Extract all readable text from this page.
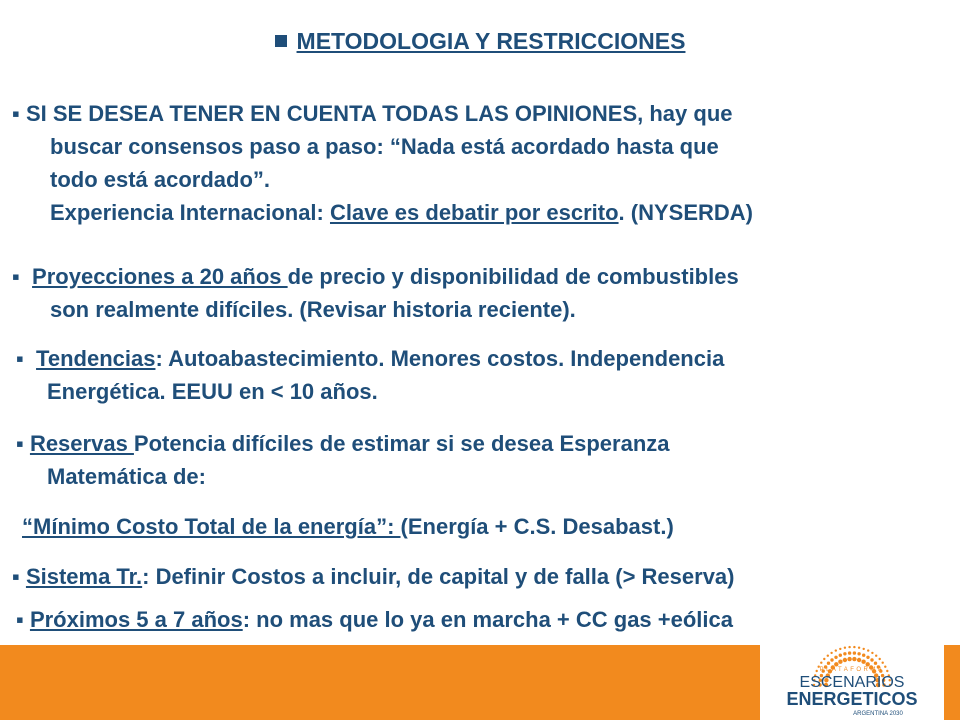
METODOLOGIA Y RESTRICCIONES
▪ SI SE DESEA TENER EN CUENTA TODAS LAS OPINIONES, hay que
buscar consensos paso a paso: “Nada está acordado hasta que
todo está acordado”.
Experiencia Internacional: Clave es debatir por escrito. (NYSERDA)
▪ Proyecciones a 20 años de precio y disponibilidad de combustibles
son realmente difíciles. (Revisar historia reciente).
▪ Tendencias: Autoabastecimiento. Menores costos. Independencia
Energética. EEUU en < 10 años.
▪ Reservas Potencia difíciles de estimar si se desea Esperanza
Matemática de:
“Mínimo Costo Total de la energía”: (Energía + C.S. Desabast.)
▪ Sistema Tr.: Definir Costos a incluir, de capital y de falla (> Reserva)
▪ Próximos 5 a 7 años: no mas que lo ya en marcha + CC gas +eólica
PLATAFORMA
ESCENARIOS
ENERGETICOS
ARGENTINA 2030
